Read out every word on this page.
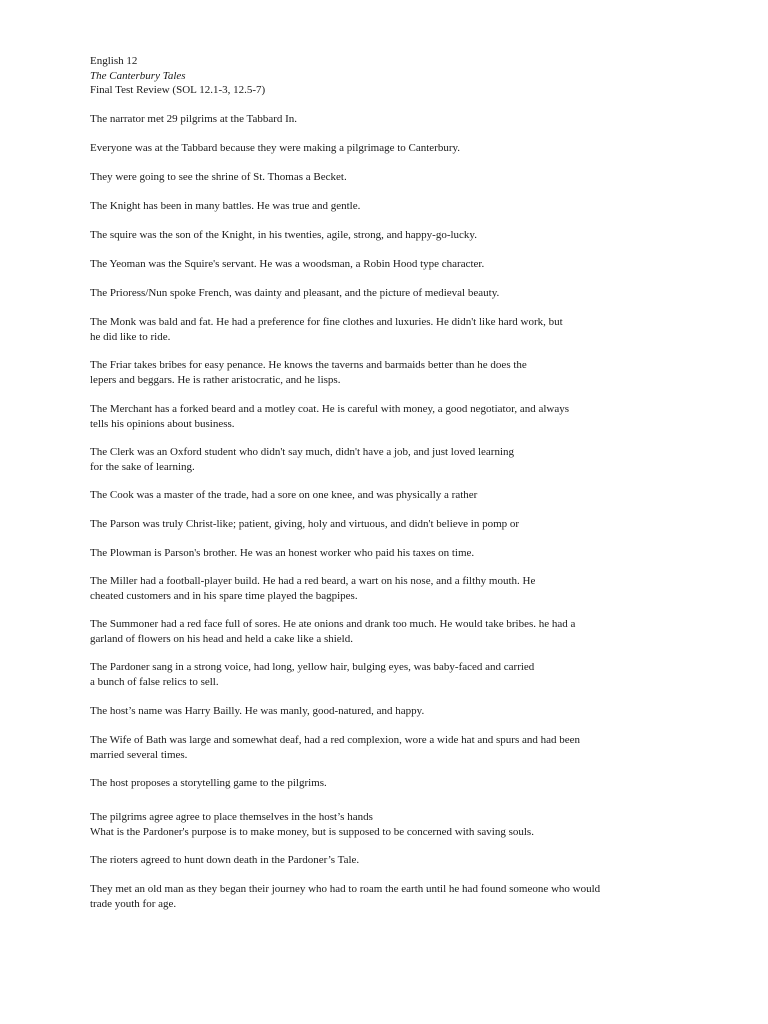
English 12
The Canterbury Tales
Final Test Review (SOL 12.1-3, 12.5-7)

The narrator met 29 pilgrims at the Tabbard In.

Everyone was at the Tabbard because they were making a pilgrimage to Canterbury.

They were going to see the shrine of St. Thomas a Becket.

The Knight has been in many battles. He was true and gentle.

The squire was the son of the Knight, in his twenties, agile, strong, and happy-go-lucky.

The Yeoman was the Squire's servant. He was a woodsman, a Robin Hood type character.

The Prioress/Nun spoke French, was dainty and pleasant, and the picture of medieval beauty.

The Monk was bald and fat. He had a preference for fine clothes and luxuries. He didn't like hard work, but
he did like to ride.

The Friar takes bribes for easy penance. He knows the taverns and barmaids better than he does the
lepers and beggars. He is rather aristocratic, and he lisps.

The Merchant has a forked beard and a motley coat. He is careful with money, a good negotiator, and always
tells his opinions about business.

The Clerk was an Oxford student who didn't say much, didn't have a job, and just loved learning
for the sake of learning.

The Cook was a master of the trade, had a sore on one knee, and was physically a rather

The Parson was truly Christ-like; patient, giving, holy and virtuous, and didn't believe in pomp or

The Plowman is Parson's brother. He was an honest worker who paid his taxes on time.

The Miller had a football-player build. He had a red beard, a wart on his nose, and a filthy mouth. He
cheated customers and in his spare time played the bagpipes.

The Summoner had a red face full of sores. He ate onions and drank too much. He would take bribes. he had a
garland of flowers on his head and held a cake like a shield.

The Pardoner sang in a strong voice, had long, yellow hair, bulging eyes, was baby-faced and carried
a bunch of false relics to sell.

The host’s name was Harry Bailly. He was manly, good-natured, and happy.

The Wife of Bath was large and somewhat deaf, had a red complexion, wore a wide hat and spurs and had been
married several times.

The host proposes a storytelling game to the pilgrims.

The pilgrims agree agree to place themselves in the host’s hands
What is the Pardoner's purpose is to make money, but is supposed to be concerned with saving souls.

The rioters agreed to hunt down death in the Pardoner’s Tale.

They met an old man as they began their journey who had to roam the earth until he had found someone who would
trade youth for age.
